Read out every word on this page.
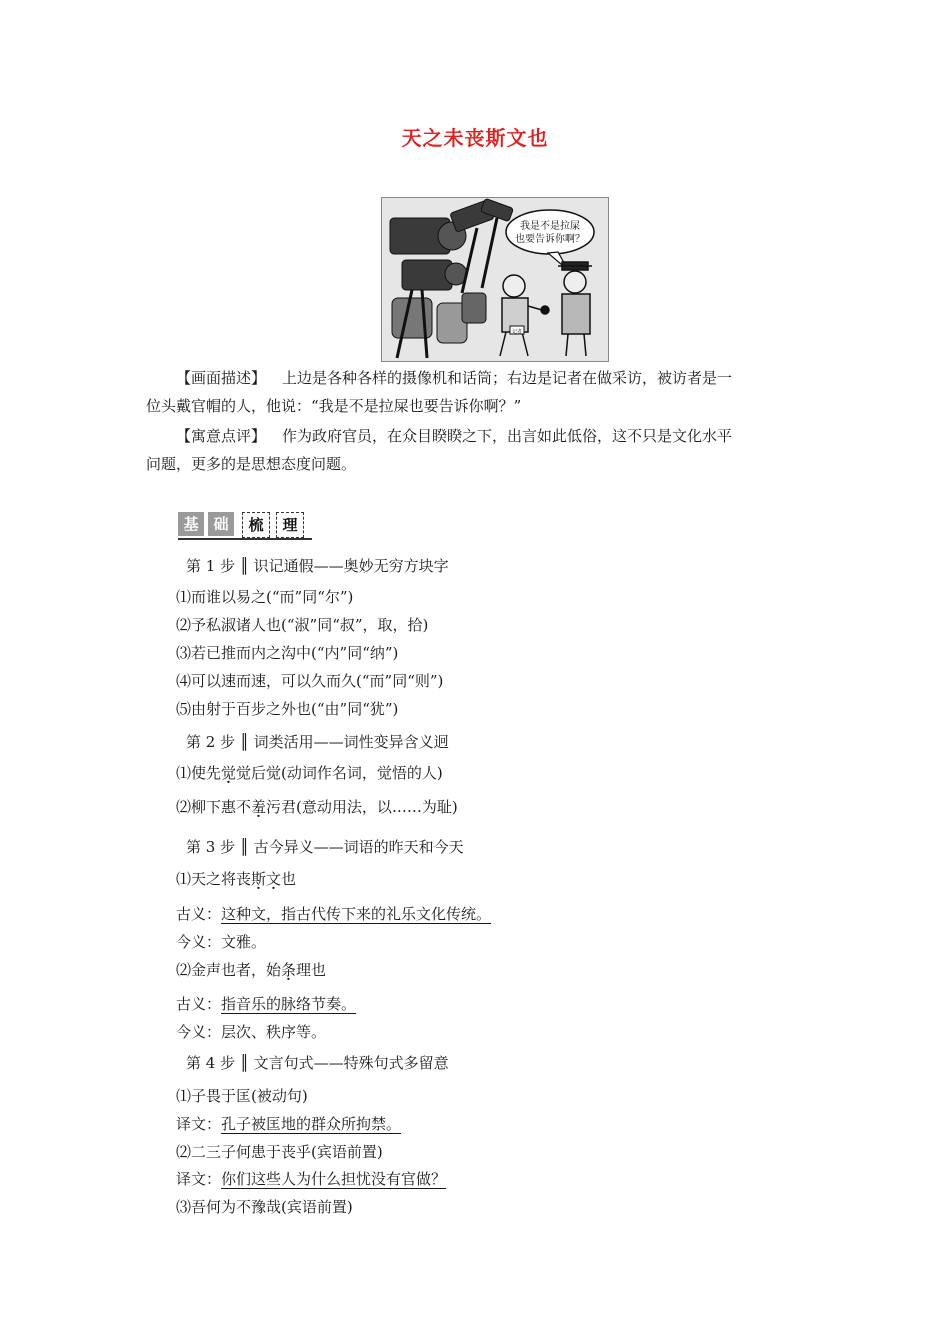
天之未丧斯文也
我是不是拉屎
也要告诉你啊？
记者
【画面描述】 上边是各种各样的摄像机和话筒；右边是记者在做采访，被访者是一
位头戴官帽的人，他说：“我是不是拉屎也要告诉你啊？”
【寓意点评】 作为政府官员，在众目睽睽之下，出言如此低俗，这不只是文化水平
问题，更多的是思想态度问题。
基 础	梳	理
第 1 步 ║ 识记通假——奥妙无穷方块字
⑴而谁以易之(“而”同“尔”)
⑵予私淑诸人也(“淑”同“叔”，取，拾)
⑶若已推而内之沟中(“内”同“纳”)
⑷可以速而速，可以久而久(“而”同“则”)
⑸由射于百步之外也(“由”同“犹”)
第 2 步 ║ 词类活用——词性变异含义迥
⑴使先觉觉后觉(动词作名词，觉悟的人)
⑵柳下惠不羞污君(意动用法，以……为耻)
第 3 步 ║ 古今异义——词语的昨天和今天
⑴天之将丧斯文也
古义：这种文，指古代传下来的礼乐文化传统。
今义：文雅。
⑵金声也者，始条理也
古义：指音乐的脉络节奏。
今义：层次、秩序等。
第 4 步 ║ 文言句式——特殊句式多留意
⑴子畏于匡(被动句)
译文：孔子被匡地的群众所拘禁。
⑵二三子何患于丧乎(宾语前置)
译文：你们这些人为什么担忧没有官做？
⑶吾何为不豫哉(宾语前置)
